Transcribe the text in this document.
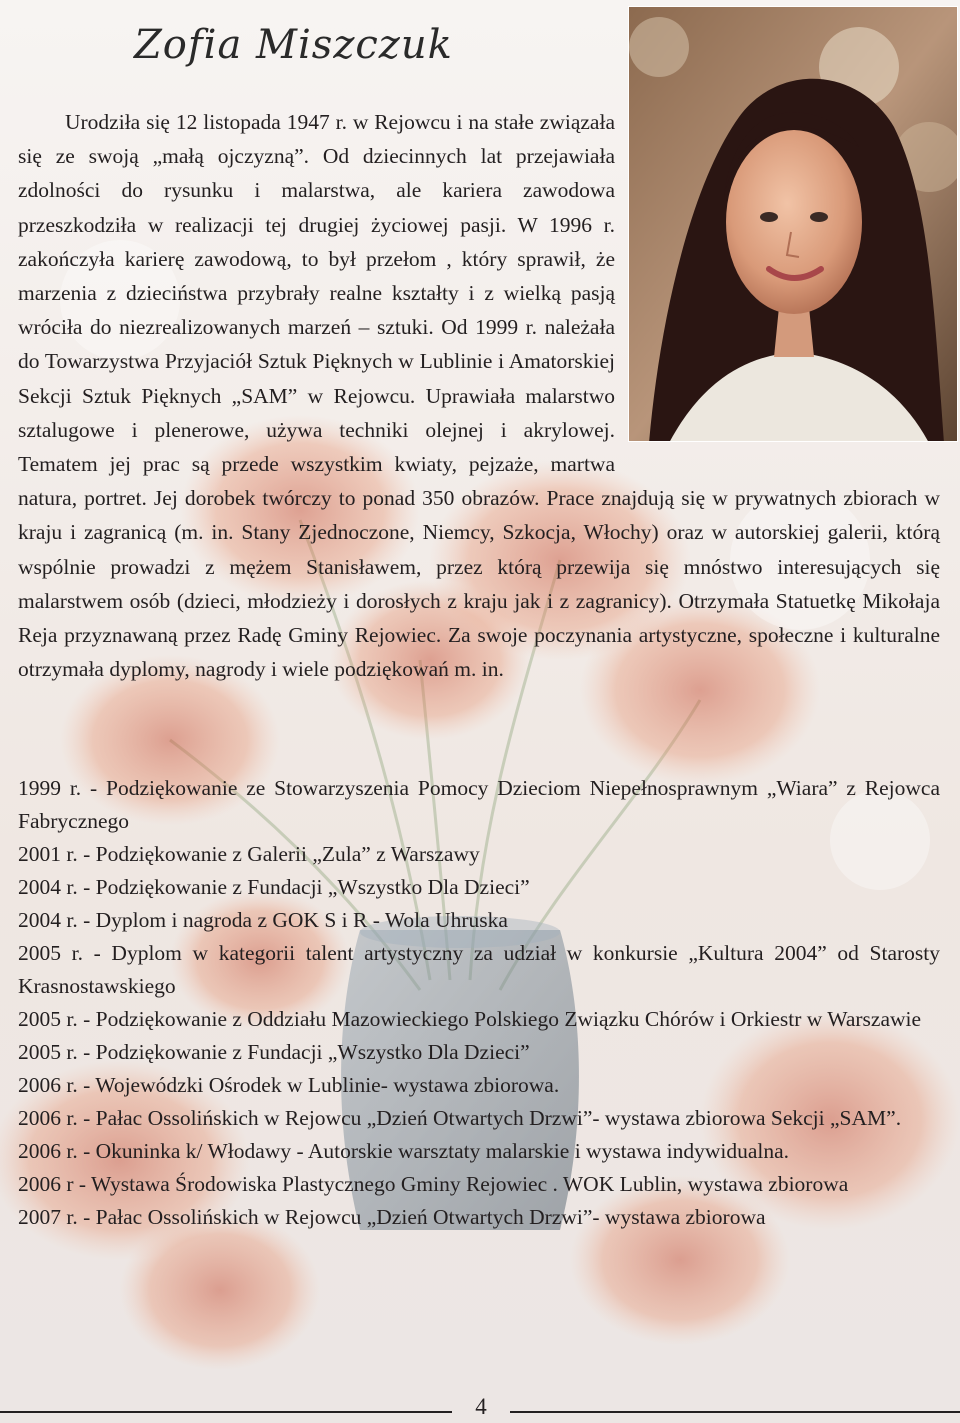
Zofia Miszczuk

Urodziła się 12 listopada 1947 r. w Rejowcu i na stałe związała się ze swoją „małą ojczyzną”. Od dziecinnych lat przejawiała zdolności do rysunku i malarstwa, ale kariera zawodowa przeszkodziła w realizacji tej drugiej życiowej pasji. W 1996 r. zakończyła karierę zawodową, to był przełom , który sprawił, że marzenia z dzieciństwa przybrały realne kształty i z wielką pasją wróciła do niezrealizowanych marzeń – sztuki. Od 1999 r. należała do Towarzystwa Przyjaciół Sztuk Pięknych w Lublinie i Amatorskiej Sekcji Sztuk Pięknych „SAM” w Rejowcu. Uprawiała malarstwo sztalugowe i plenerowe, używa techniki olejnej i akrylowej. Tematem jej prac są przede wszystkim kwiaty, pejzaże, martwa natura, portret. Jej dorobek twórczy to ponad 350 obrazów. Prace znajdują się w prywatnych zbiorach w kraju i zagranicą (m. in. Stany Zjednoczone, Niemcy, Szkocja, Włochy) oraz w autorskiej galerii, którą wspólnie prowadzi z mężem Stanisławem, przez którą przewija się mnóstwo interesujących się malarstwem osób (dzieci, młodzieży i dorosłych z kraju jak i z zagranicy). Otrzymała Statuetkę Mikołaja Reja przyznawaną przez Radę Gminy Rejowiec. Za swoje poczynania artystyczne, społeczne i kulturalne otrzymała dyplomy, nagrody i wiele podziękowań m. in.

1999 r. - Podziękowanie ze Stowarzyszenia Pomocy Dzieciom Niepełnosprawnym „Wiara” z Rejowca Fabrycznego

2001 r. - Podziękowanie z Galerii „Zula” z Warszawy

2004 r. - Podziękowanie z Fundacji „Wszystko Dla Dzieci”

2004 r. - Dyplom i nagroda z GOK S i R - Wola Uhruska

2005 r. - Dyplom w kategorii talent artystyczny za udział w konkursie „Kultura 2004” od Starosty Krasnostawskiego

2005 r. - Podziękowanie z Oddziału Mazowieckiego Polskiego Związku Chórów i Orkiestr w Warszawie

2005 r. - Podziękowanie z Fundacji „Wszystko Dla Dzieci”

2006 r. - Wojewódzki Ośrodek w Lublinie- wystawa zbiorowa.

2006 r. - Pałac Ossolińskich w Rejowcu „Dzień Otwartych Drzwi”- wystawa zbiorowa Sekcji „SAM”.

2006 r. - Okuninka k/ Włodawy - Autorskie warsztaty malarskie i wystawa indywidualna.

2006 r - Wystawa Środowiska Plastycznego Gminy Rejowiec . WOK Lublin, wystawa zbiorowa

2007 r. - Pałac Ossolińskich w Rejowcu „Dzień Otwartych Drzwi”- wystawa zbiorowa

4
